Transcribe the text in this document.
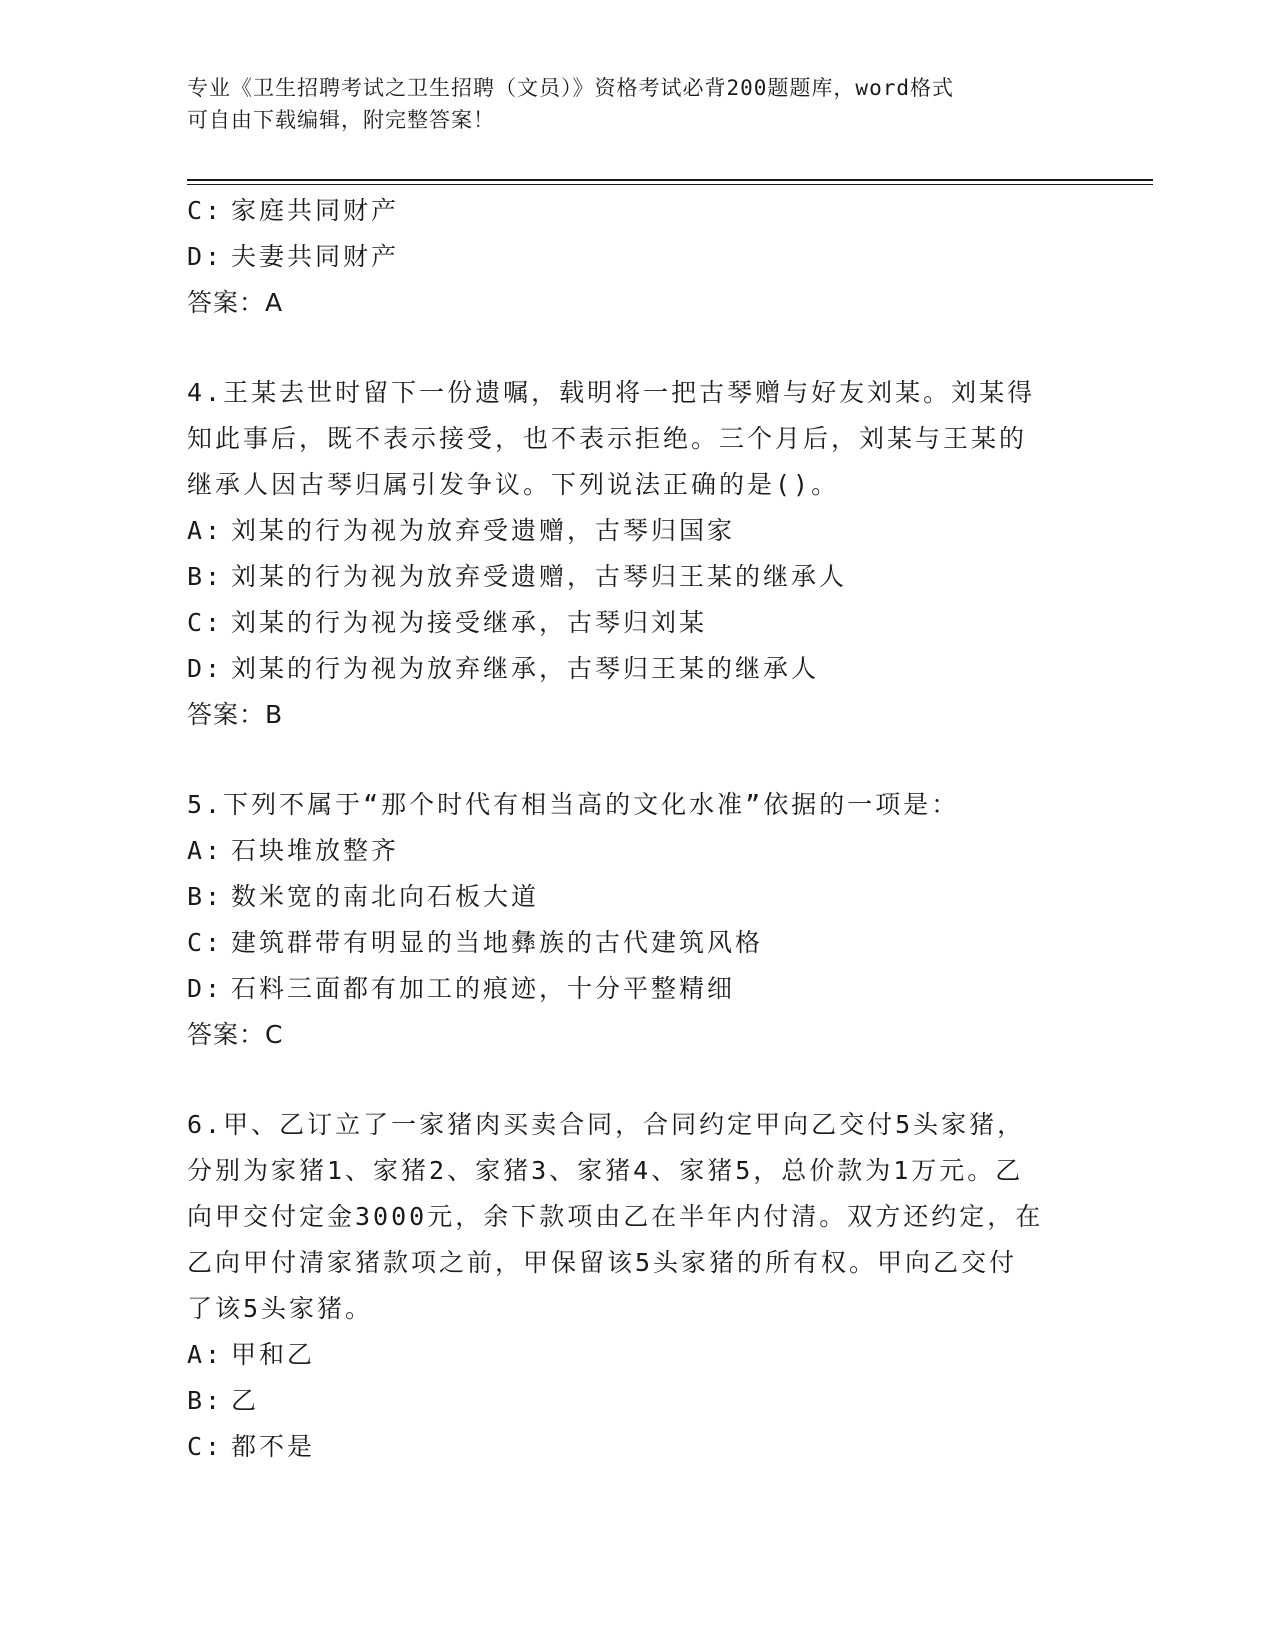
专业《卫生招聘考试之卫生招聘（文员）》资格考试必背200题题库，word格式
可自由下载编辑，附完整答案！
C: 家庭共同财产
D: 夫妻共同财产
答案：A
4.王某去世时留下一份遗嘱，载明将一把古琴赠与好友刘某。刘某得
知此事后，既不表示接受，也不表示拒绝。三个月后，刘某与王某的
继承人因古琴归属引发争议。下列说法正确的是()。
A: 刘某的行为视为放弃受遗赠，古琴归国家
B: 刘某的行为视为放弃受遗赠，古琴归王某的继承人
C: 刘某的行为视为接受继承，古琴归刘某
D: 刘某的行为视为放弃继承，古琴归王某的继承人
答案：B
5.下列不属于“那个时代有相当高的文化水准”依据的一项是：
A: 石块堆放整齐
B: 数米宽的南北向石板大道
C: 建筑群带有明显的当地彝族的古代建筑风格
D: 石料三面都有加工的痕迹，十分平整精细
答案：C
6.甲、乙订立了一家猪肉买卖合同，合同约定甲向乙交付5头家猪，
分别为家猪1、家猪2、家猪3、家猪4、家猪5，总价款为1万元。乙
向甲交付定金3000元，余下款项由乙在半年内付清。双方还约定，在
乙向甲付清家猪款项之前，甲保留该5头家猪的所有权。甲向乙交付
了该5头家猪。
A: 甲和乙
B: 乙
C: 都不是
